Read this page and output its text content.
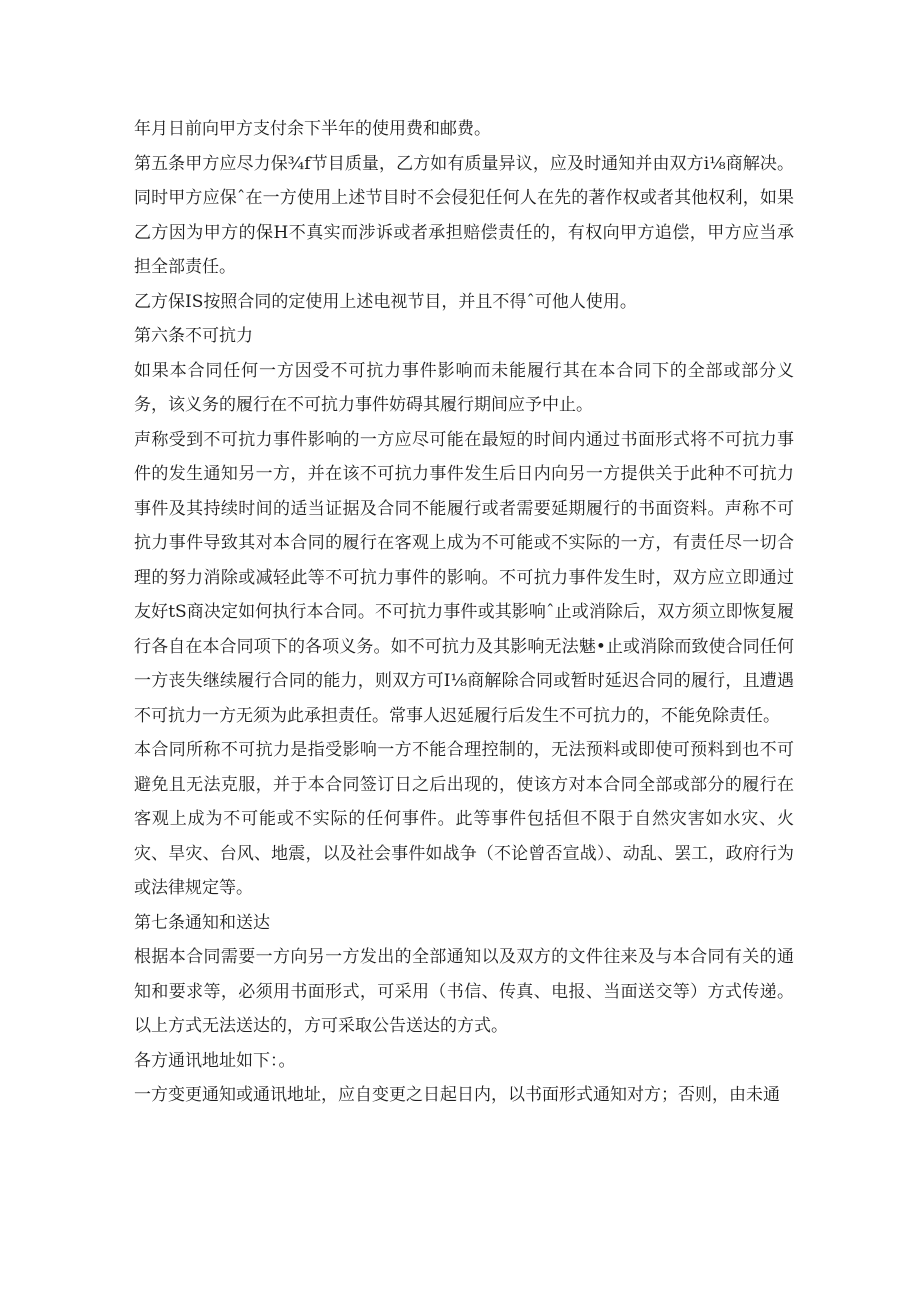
年月日前向甲方支付余下半年的使用费和邮费。

第五条甲方应尽力保¾f节目质量，乙方如有质量异议，应及时通知并由双方i⅛商解决。同时甲方应保ˆ在一方使用上述节目时不会侵犯任何人在先的著作权或者其他权利，如果乙方因为甲方的保H不真实而涉诉或者承担赔偿责任的，有权向甲方追偿，甲方应当承担全部责任。

乙方保IS按照合同的定使用上述电视节目，并且不得ˆ可他人使用。

第六条不可抗力

如果本合同任何一方因受不可抗力事件影响而未能履行其在本合同下的全部或部分义务，该义务的履行在不可抗力事件妨碍其履行期间应予中止。

声称受到不可抗力事件影响的一方应尽可能在最短的时间内通过书面形式将不可抗力事件的发生通知另一方，并在该不可抗力事件发生后日内向另一方提供关于此种不可抗力事件及其持续时间的适当证据及合同不能履行或者需要延期履行的书面资料。声称不可抗力事件导致其对本合同的履行在客观上成为不可能或不实际的一方，有责任尽一切合理的努力消除或减轻此等不可抗力事件的影响。不可抗力事件发生时，双方应立即通过友好tS商决定如何执行本合同。不可抗力事件或其影响ˆ止或消除后，双方须立即恢复履行各自在本合同项下的各项义务。如不可抗力及其影响无法魅•止或消除而致使合同任何一方丧失继续履行合同的能力，则双方可I⅛商解除合同或暂时延迟合同的履行，且遭遇不可抗力一方无须为此承担责任。常事人迟延履行后发生不可抗力的，不能免除责任。

本合同所称不可抗力是指受影响一方不能合理控制的，无法预料或即使可预料到也不可避免且无法克服，并于本合同签订日之后出现的，使该方对本合同全部或部分的履行在客观上成为不可能或不实际的任何事件。此等事件包括但不限于自然灾害如水灾、火灾、旱灾、台风、地震，以及社会事件如战争（不论曾否宣战）、动乱、罢工，政府行为或法律规定等。

第七条通知和送达

根据本合同需要一方向另一方发出的全部通知以及双方的文件往来及与本合同有关的通知和要求等，必须用书面形式，可采用（书信、传真、电报、当面送交等）方式传递。以上方式无法送达的，方可采取公告送达的方式。

各方通讯地址如下：。

一方变更通知或通讯地址，应自变更之日起日内，以书面形式通知对方；否则，由未通
